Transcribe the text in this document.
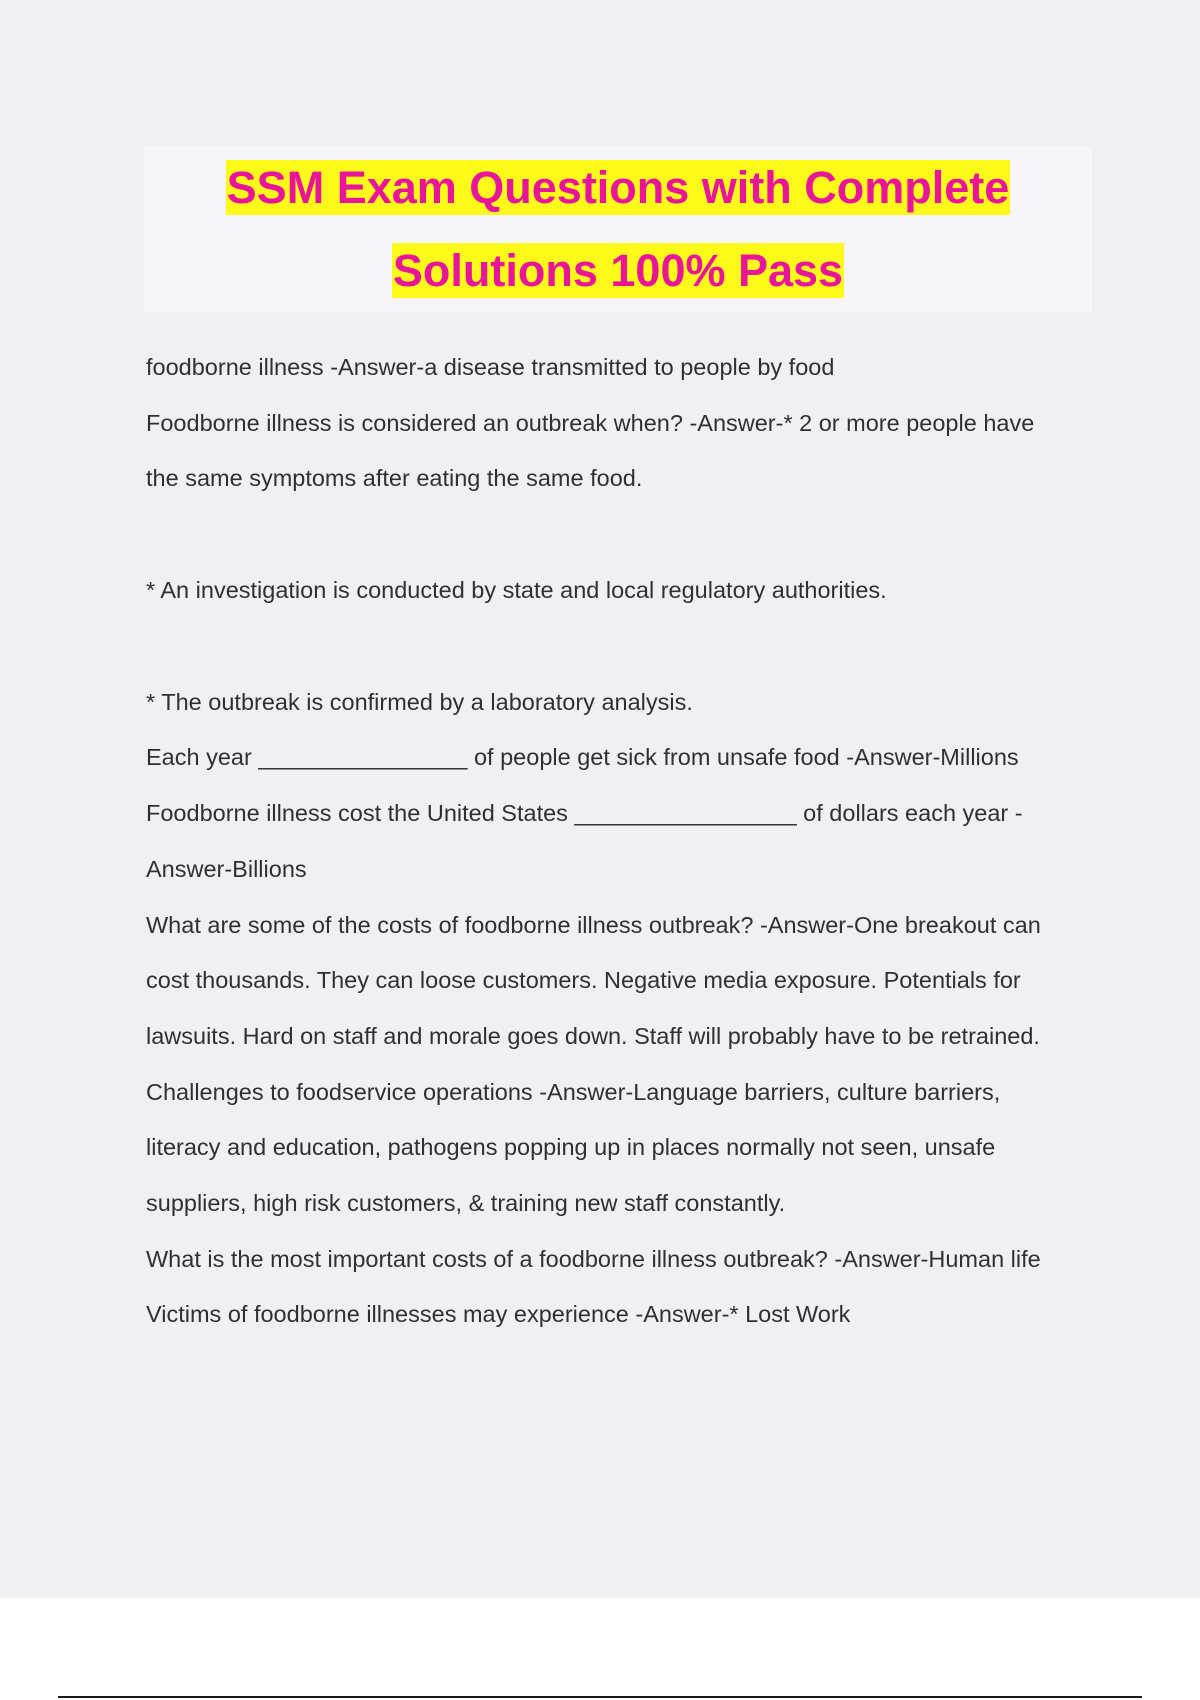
SSM Exam Questions with Complete
Solutions 100% Pass

foodborne illness -Answer-a disease transmitted to people by food

Foodborne illness is considered an outbreak when? -Answer-* 2 or more people have

the same symptoms after eating the same food.

* An investigation is conducted by state and local regulatory authorities.

* The outbreak is confirmed by a laboratory analysis.

Each year ________________ of people get sick from unsafe food -Answer-Millions

Foodborne illness cost the United States _________________ of dollars each year -

Answer-Billions

What are some of the costs of foodborne illness outbreak? -Answer-One breakout can

cost thousands. They can loose customers. Negative media exposure. Potentials for

lawsuits. Hard on staff and morale goes down. Staff will probably have to be retrained.

Challenges to foodservice operations -Answer-Language barriers, culture barriers,

literacy and education, pathogens popping up in places normally not seen, unsafe

suppliers, high risk customers, & training new staff constantly.

What is the most important costs of a foodborne illness outbreak? -Answer-Human life

Victims of foodborne illnesses may experience -Answer-* Lost Work
